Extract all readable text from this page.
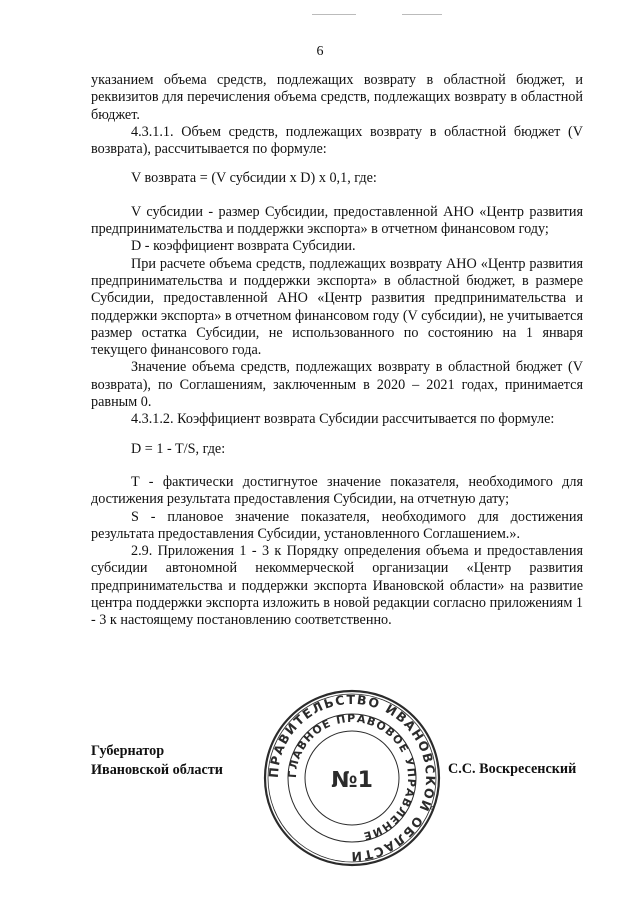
6

указанием объема средств, подлежащих возврату в областной бюджет, и реквизитов для перечисления объема средств, подлежащих возврату в областной бюджет.

4.3.1.1. Объем средств, подлежащих возврату в областной бюджет (V возврата), рассчитывается по формуле:

V возврата = (V субсидии x D) x 0,1, где:

V субсидии - размер Субсидии, предоставленной АНО «Центр развития предпринимательства и поддержки экспорта» в отчетном финансовом году;

D - коэффициент возврата Субсидии.

При расчете объема средств, подлежащих возврату АНО «Центр развития предпринимательства и поддержки экспорта» в областной бюджет, в размере Субсидии, предоставленной АНО «Центр развития предпринимательства и поддержки экспорта» в отчетном финансовом году (V субсидии), не учитывается размер остатка Субсидии, не использованного по состоянию на 1 января текущего финансового года.

Значение объема средств, подлежащих возврату в областной бюджет (V возврата), по Соглашениям, заключенным в 2020 – 2021 годах, принимается равным 0.

4.3.1.2. Коэффициент возврата Субсидии рассчитывается по формуле:

D = 1 - T/S, где:

T - фактически достигнутое значение показателя, необходимого для достижения результата предоставления Субсидии, на отчетную дату;

S - плановое значение показателя, необходимого для достижения результата предоставления Субсидии, установленного Соглашением.».

2.9. Приложения 1 - 3 к Порядку определения объема и предоставления субсидии автономной некоммерческой организации «Центр развития предпринимательства и поддержки экспорта Ивановской области» на развитие центра поддержки экспорта изложить в новой редакции согласно приложениям 1 - 3 к настоящему постановлению соответственно.

ПРАВИТЕЛЬСТВО ИВАНОВСКОЙ ОБЛАСТИ
ГЛАВНОЕ ПРАВОВОЕ УПРАВЛЕНИЕ
№1
Губернатор
Ивановской области	С.С. Воскресенский
